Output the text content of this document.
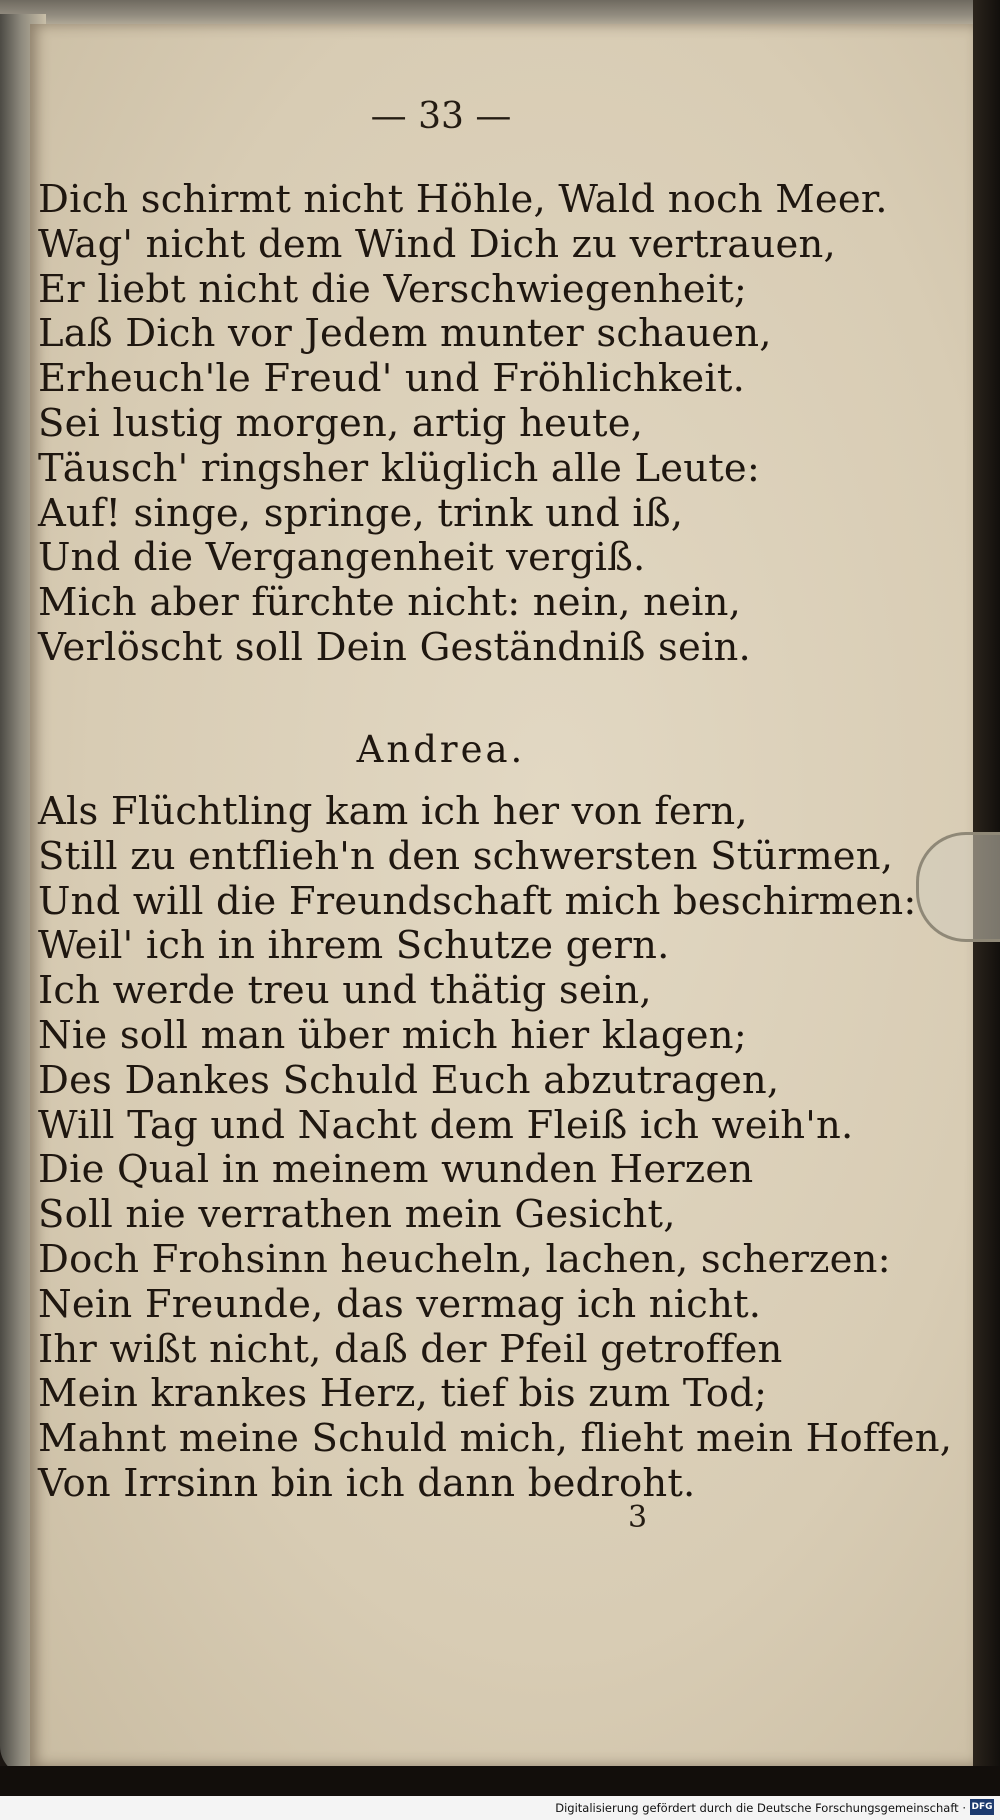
— 33 —

Dich schirmt nicht Höhle, Wald noch Meer.
Wag' nicht dem Wind Dich zu vertrauen,
Er liebt nicht die Verschwiegenheit;
Laß Dich vor Jedem munter schauen,
Erheuch'le Freud' und Fröhlichkeit.
Sei lustig morgen, artig heute,
Täusch' ringsher klüglich alle Leute:
Auf! singe, springe, trink und iß,
Und die Vergangenheit vergiß.
Mich aber fürchte nicht: nein, nein,
Verlöscht soll Dein Geständniß sein.

Andrea.

Als Flüchtling kam ich her von fern,
Still zu entflieh'n den schwersten Stürmen,
Und will die Freundschaft mich beschirmen:
Weil' ich in ihrem Schutze gern.
Ich werde treu und thätig sein,
Nie soll man über mich hier klagen;
Des Dankes Schuld Euch abzutragen,
Will Tag und Nacht dem Fleiß ich weih'n.
Die Qual in meinem wunden Herzen
Soll nie verrathen mein Gesicht,
Doch Frohsinn heucheln, lachen, scherzen:
Nein Freunde, das vermag ich nicht.
Ihr wißt nicht, daß der Pfeil getroffen
Mein krankes Herz, tief bis zum Tod;
Mahnt meine Schuld mich, flieht mein Hoffen,
Von Irrsinn bin ich dann bedroht.

3
Digitalisierung gefördert durch die Deutsche Forschungsgemeinschaft · DFG
